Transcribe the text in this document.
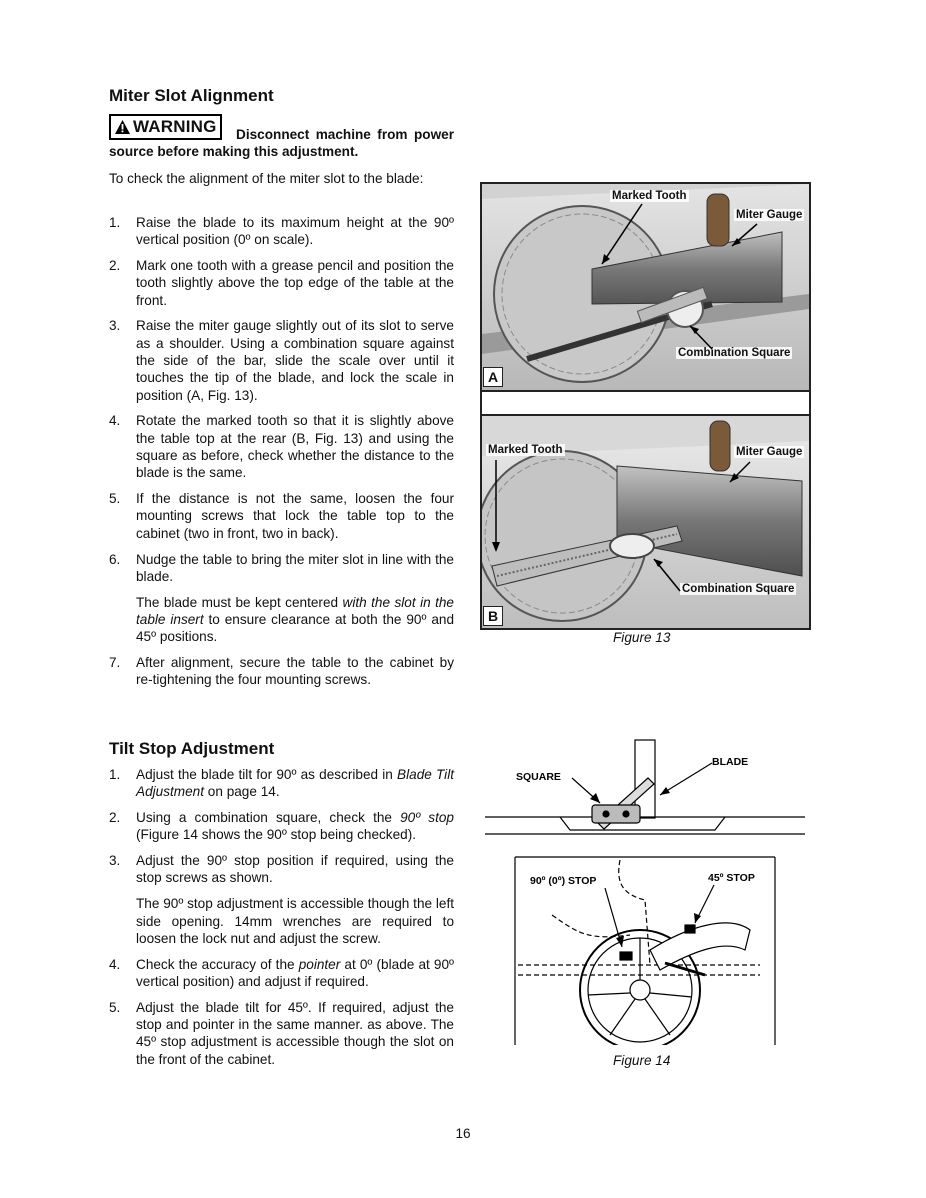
Miter Slot Alignment
WARNING	Disconnect machine from power source before making this adjustment.

To check the alignment of the miter slot to the blade:

1. Raise the blade to its maximum height at the 90º vertical position (0º on scale).
2. Mark one tooth with a grease pencil and position the tooth slightly above the top edge of the table at the front.
3. Raise the miter gauge slightly out of its slot to serve as a shoulder. Using a combination square against the side of the bar, slide the scale over until it touches the tip of the blade, and lock the scale in position (A, Fig. 13).
4. Rotate the marked tooth so that it is slightly above the table top at the rear (B, Fig. 13) and using the square as before, check whether the distance to the blade is the same.
5. If the distance is not the same, loosen the four mounting screws that lock the table top to the cabinet (two in front, two in back).
6. Nudge the table to bring the miter slot in line with the blade.
The blade must be kept centered with the slot in the table insert to ensure clearance at both the 90º and 45º positions.
7. After alignment, secure the table to the cabinet by re-tightening the four mounting screws.
A
Marked Tooth
Miter Gauge
Combination Square
B
Marked Tooth	Miter Gauge
Combination Square
Figure 13
Tilt Stop Adjustment
1. Adjust the blade tilt for 90º as described in Blade Tilt Adjustment on page 14.
2. Using a combination square, check the 90º stop (Figure 14 shows the 90º stop being checked).
3. Adjust the 90º stop position if required, using the stop screws as shown.
The 90º stop adjustment is accessible though the left side opening. 14mm wrenches are required to loosen the lock nut and adjust the screw.
4. Check the accuracy of the pointer at 0º (blade at 90º vertical position) and adjust if required.
5. Adjust the blade tilt for 45º. If required, adjust the stop and pointer in the same manner. as above. The 45º stop adjustment is accessible though the slot on the front of the cabinet.
BLADE
SQUARE
90º (0º) STOP	45º STOP
Figure 14
16
